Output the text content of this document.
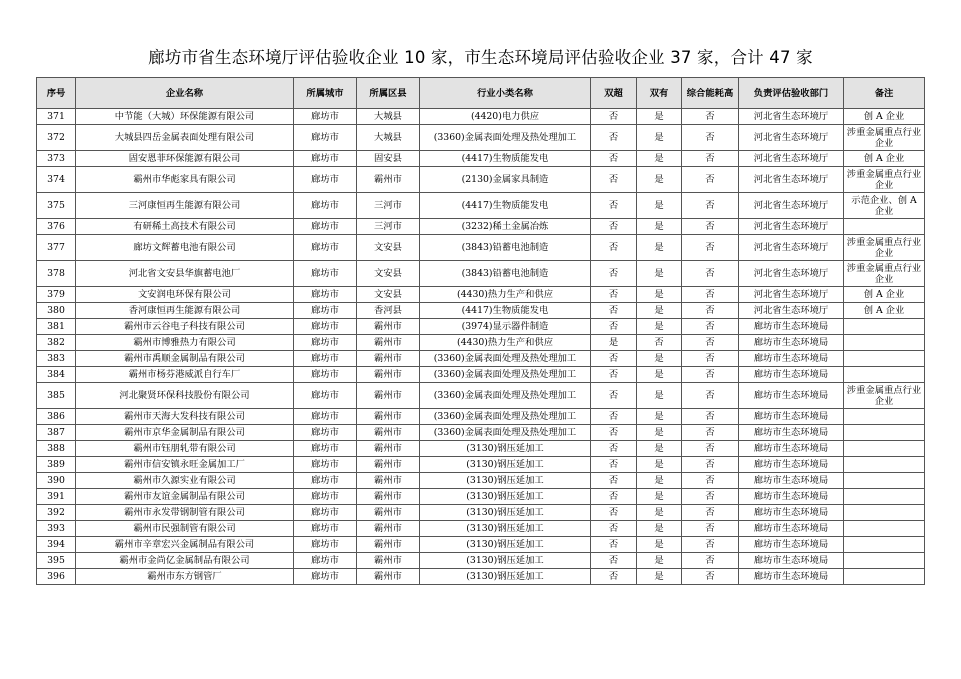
廊坊市省生态环境厅评估验收企业 10 家，市生态环境局评估验收企业 37 家，合计 47 家
序号	企业名称	所属城市	所属区县	行业小类名称	双超	双有	综合能耗高	负责评估验收部门	备注
371	中节能（大城）环保能源有限公司	廊坊市	大城县	(4420)电力供应	否	是	否	河北省生态环境厅	创 A 企业
372	大城县四岳金属表面处理有限公司	廊坊市	大城县	(3360)金属表面处理及热处理加工	否	是	否	河北省生态环境厅	涉重金属重点行业企业
373	固安恩菲环保能源有限公司	廊坊市	固安县	(4417)生物质能发电	否	是	否	河北省生态环境厅	创 A 企业
374	霸州市华彪家具有限公司	廊坊市	霸州市	(2130)金属家具制造	否	是	否	河北省生态环境厅	涉重金属重点行业企业
375	三河康恒再生能源有限公司	廊坊市	三河市	(4417)生物质能发电	否	是	否	河北省生态环境厅	示范企业、创 A 企业
376	有研稀土高技术有限公司	廊坊市	三河市	(3232)稀土金属冶炼	否	是	否	河北省生态环境厅	
377	廊坊文辉蓄电池有限公司	廊坊市	文安县	(3843)铅蓄电池制造	否	是	否	河北省生态环境厅	涉重金属重点行业企业
378	河北省文安县华旗蓄电池厂	廊坊市	文安县	(3843)铅蓄电池制造	否	是	否	河北省生态环境厅	涉重金属重点行业企业
379	文安润电环保有限公司	廊坊市	文安县	(4430)热力生产和供应	否	是	否	河北省生态环境厅	创 A 企业
380	香河康恒再生能源有限公司	廊坊市	香河县	(4417)生物质能发电	否	是	否	河北省生态环境厅	创 A 企业
381	霸州市云谷电子科技有限公司	廊坊市	霸州市	(3974)显示器件制造	否	是	否	廊坊市生态环境局	
382	霸州市博雅热力有限公司	廊坊市	霸州市	(4430)热力生产和供应	是	否	否	廊坊市生态环境局	
383	霸州市禹顺金属制品有限公司	廊坊市	霸州市	(3360)金属表面处理及热处理加工	否	是	否	廊坊市生态环境局	
384	霸州市杨芬港威派自行车厂	廊坊市	霸州市	(3360)金属表面处理及热处理加工	否	是	否	廊坊市生态环境局	
385	河北聚贤环保科技股份有限公司	廊坊市	霸州市	(3360)金属表面处理及热处理加工	否	是	否	廊坊市生态环境局	涉重金属重点行业企业
386	霸州市天海大发科技有限公司	廊坊市	霸州市	(3360)金属表面处理及热处理加工	否	是	否	廊坊市生态环境局	
387	霸州市京华金属制品有限公司	廊坊市	霸州市	(3360)金属表面处理及热处理加工	否	是	否	廊坊市生态环境局	
388	霸州市钰朋轧带有限公司	廊坊市	霸州市	(3130)钢压延加工	否	是	否	廊坊市生态环境局	
389	霸州市信安镇永旺金属加工厂	廊坊市	霸州市	(3130)钢压延加工	否	是	否	廊坊市生态环境局	
390	霸州市久源实业有限公司	廊坊市	霸州市	(3130)钢压延加工	否	是	否	廊坊市生态环境局	
391	霸州市友谊金属制品有限公司	廊坊市	霸州市	(3130)钢压延加工	否	是	否	廊坊市生态环境局	
392	霸州市永发带钢制管有限公司	廊坊市	霸州市	(3130)钢压延加工	否	是	否	廊坊市生态环境局	
393	霸州市民强制管有限公司	廊坊市	霸州市	(3130)钢压延加工	否	是	否	廊坊市生态环境局	
394	霸州市辛章宏兴金属制品有限公司	廊坊市	霸州市	(3130)钢压延加工	否	是	否	廊坊市生态环境局	
395	霸州市金尚亿金属制品有限公司	廊坊市	霸州市	(3130)钢压延加工	否	是	否	廊坊市生态环境局	
396	霸州市东方钢管厂	廊坊市	霸州市	(3130)钢压延加工	否	是	否	廊坊市生态环境局	
